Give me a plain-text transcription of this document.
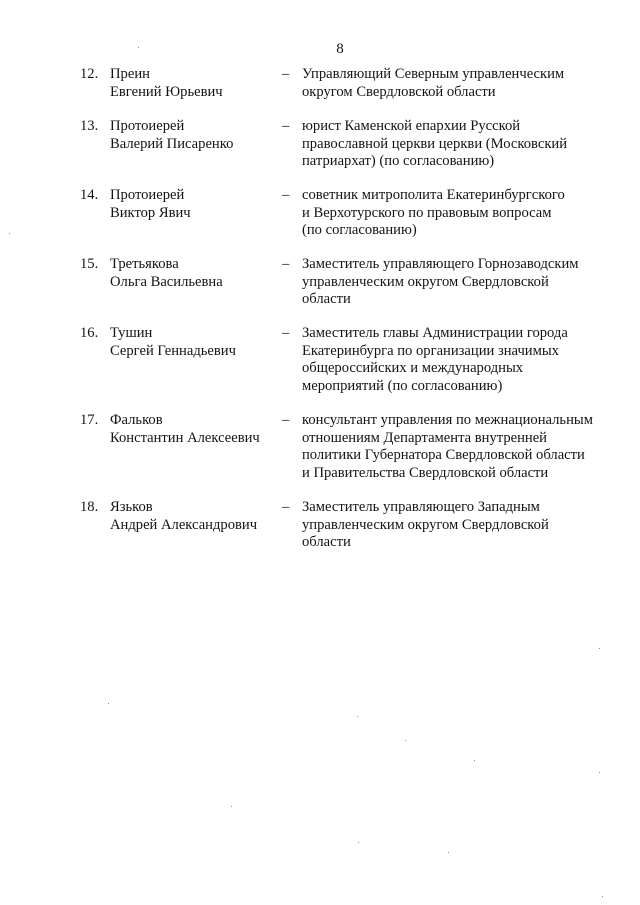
8
12. Преин
Евгений Юрьевич
– Управляющий Северным управленческим
округом Свердловской области
13. Протоиерей
Валерий Писаренко
– юрист Каменской епархии Русской
православной церкви церкви (Московский
патриархат) (по согласованию)
14. Протоиерей
Виктор Явич
– советник митрополита Екатеринбургского
и Верхотурского по правовым вопросам
(по согласованию)
15. Третьякова
Ольга Васильевна
– Заместитель управляющего Горнозаводским
управленческим округом Свердловской
области
16. Тушин
Сергей Геннадьевич
– Заместитель главы Администрации города
Екатеринбурга по организации значимых
общероссийских и международных
мероприятий (по согласованию)
17. Фальков
Константин Алексеевич
– консультант управления по межнациональным
отношениям Департамента внутренней
политики Губернатора Свердловской области
и Правительства Свердловской области
18. Язьков
Андрей Александрович
– Заместитель управляющего Западным
управленческим округом Свердловской
области
